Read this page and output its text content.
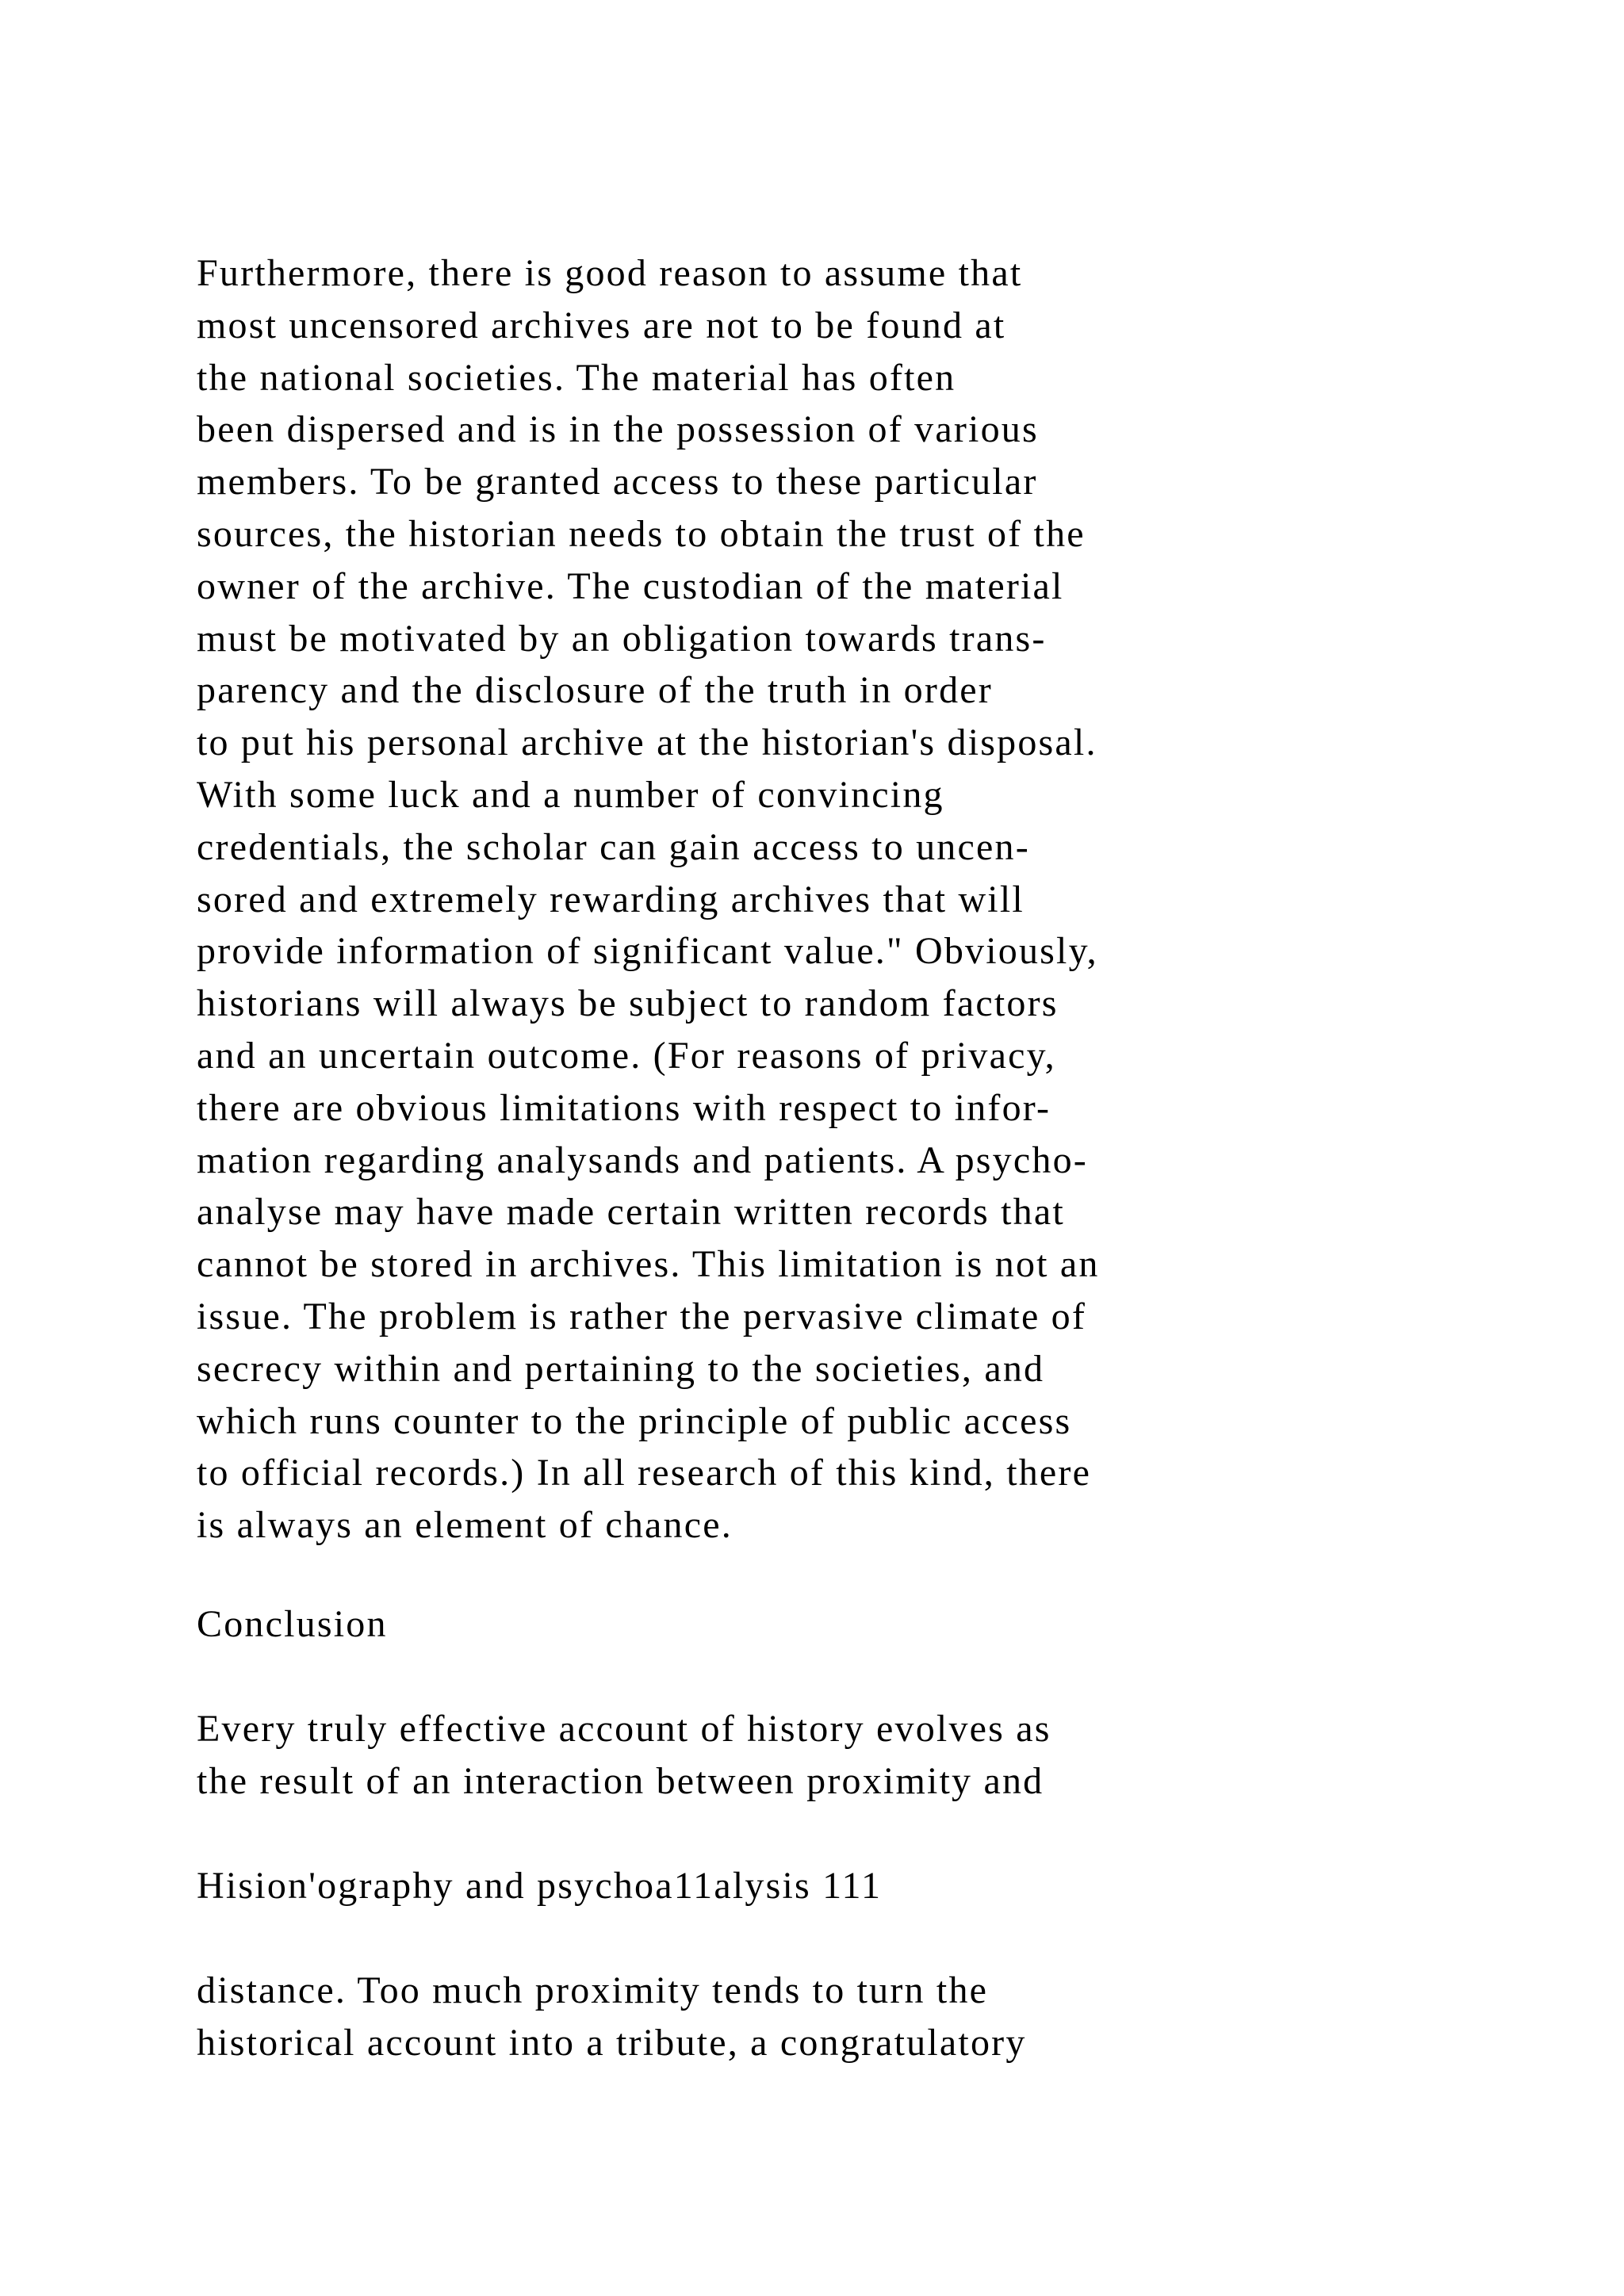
Furthermore, there is good reason to assume that
most uncensored archives are not to be found at
the national societies. The material has often
been dispersed and is in the possession of various
members. To be granted access to these particular
sources, the historian needs to obtain the trust of the
owner of the archive. The custodian of the material
must be motivated by an obligation towards trans-
parency and the disclosure of the truth in order
to put his personal archive at the historian's disposal.
With some luck and a number of convincing
credentials, the scholar can gain access to uncen-
sored and extremely rewarding archives that will
provide information of significant value." Obviously,
historians will always be subject to random factors
and an uncertain outcome. (For reasons of privacy,
there are obvious limitations with respect to infor-
mation regarding analysands and patients. A psycho-
analyse may have made certain written records that
cannot be stored in archives. This limitation is not an
issue. The problem is rather the pervasive climate of
secrecy within and pertaining to the societies, and
which runs counter to the principle of public access
to official records.) In all research of this kind, there
is always an element of chance.
Conclusion
Every truly effective account of history evolves as
the result of an interaction between proximity and
Hision'ography and psychoa11alysis 111
distance. Too much proximity tends to turn the
historical account into a tribute, a congratulatory
